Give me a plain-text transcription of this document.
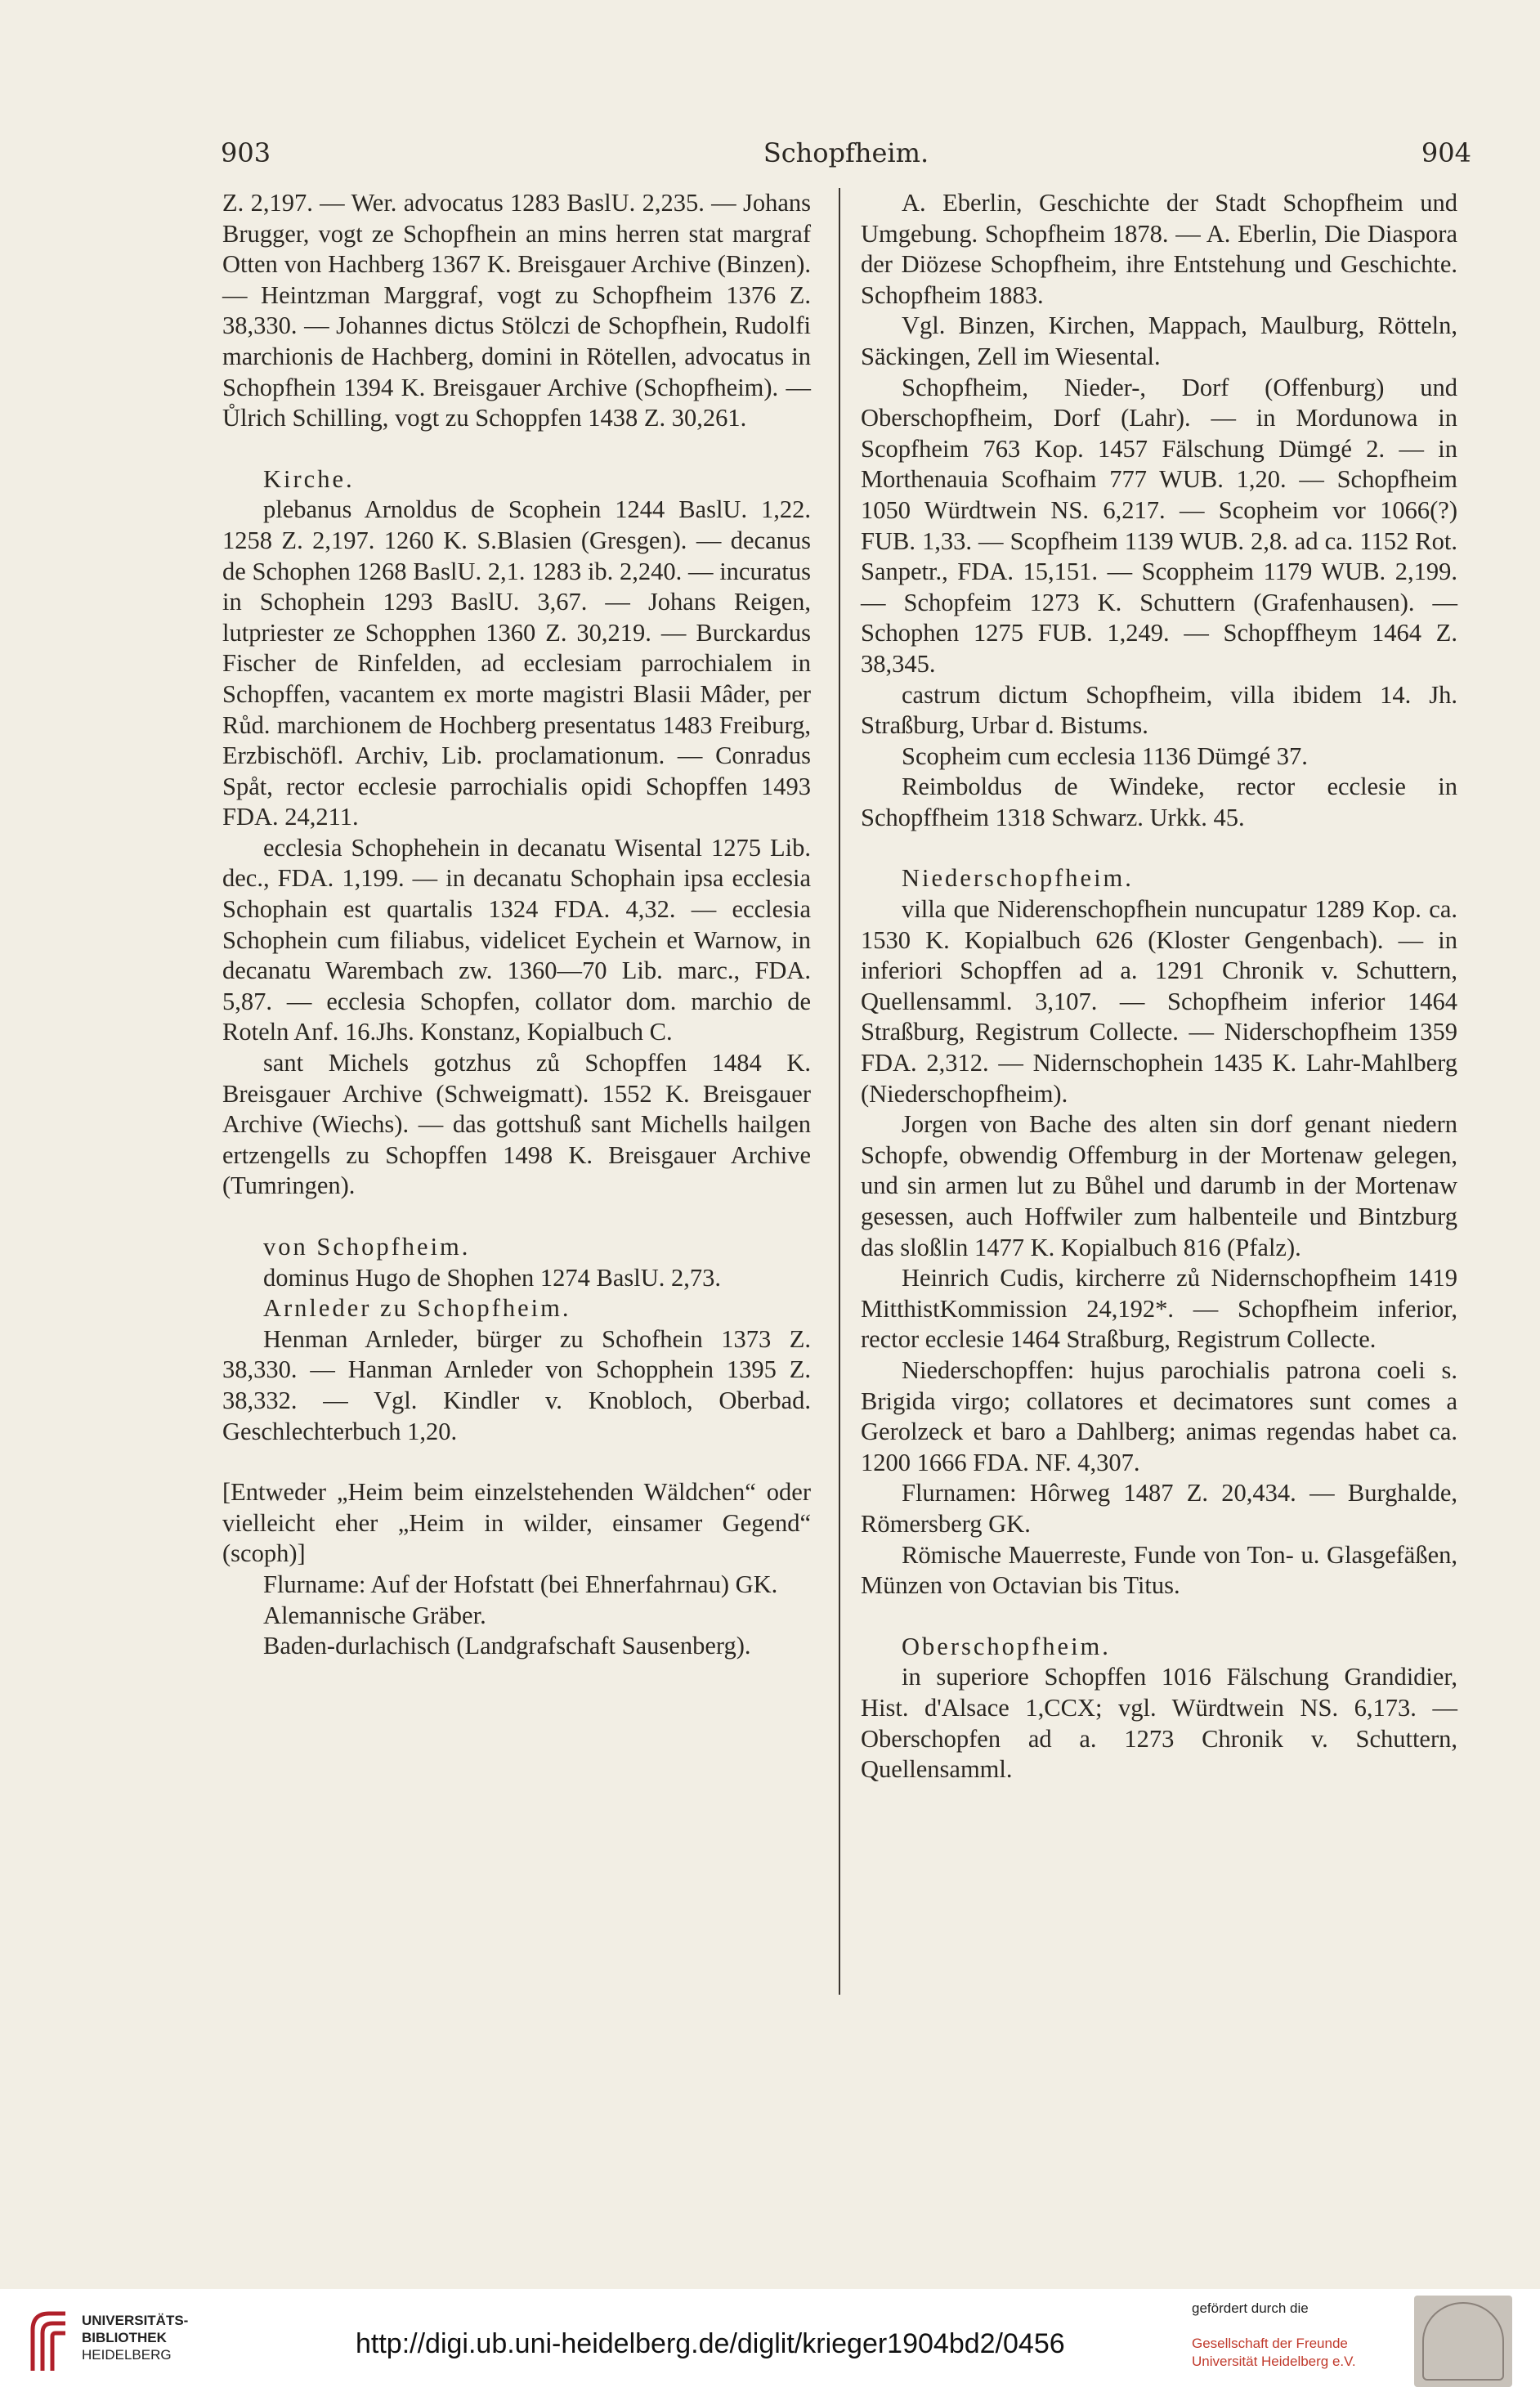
903	Schopfheim.	904

Z. 2,197. — Wer. advocatus 1283 BaslU. 2,235. — Johans Brugger, vogt ze Schopfhein an mins herren stat margraf Otten von Hachberg 1367 K. Breisgauer Archive (Binzen). — Heintzman Marggraf, vogt zu Schopfheim 1376 Z. 38,330. — Johannes dictus Stölczi de Schopfhein, Rudolfi marchionis de Hachberg, domini in Rötellen, advocatus in Schopfhein 1394 K. Breisgauer Archive (Schopfheim). — Ůlrich Schilling, vogt zu Schoppfen 1438 Z. 30,261.

Kirche.

plebanus Arnoldus de Scophein 1244 BaslU. 1,22. 1258 Z. 2,197. 1260 K. S.Blasien (Gresgen). — decanus de Schophen 1268 BaslU. 2,1. 1283 ib. 2,240. — incuratus in Schophein 1293 BaslU. 3,67. — Johans Reigen, lutpriester ze Schopphen 1360 Z. 30,219. — Burckardus Fischer de Rinfelden, ad ecclesiam parrochialem in Schopffen, vacantem ex morte magistri Blasii Mâder, per Růd. marchionem de Hochberg presentatus 1483 Freiburg, Erzbischöfl. Archiv, Lib. proclamationum. — Conradus Spåt, rector ecclesie parrochialis opidi Schopffen 1493 FDA. 24,211.

ecclesia Schophehein in decanatu Wisental 1275 Lib. dec., FDA. 1,199. — in decanatu Schophain ipsa ecclesia Schophain est quartalis 1324 FDA. 4,32. — ecclesia Schophein cum filiabus, videlicet Eychein et Warnow, in decanatu Warembach zw. 1360—70 Lib. marc., FDA. 5,87. — ecclesia Schopfen, collator dom. marchio de Roteln Anf. 16.Jhs. Konstanz, Kopialbuch C.

sant Michels gotzhus zů Schopffen 1484 K. Breisgauer Archive (Schweigmatt). 1552 K. Breisgauer Archive (Wiechs). — das gottshuß sant Michells hailgen ertzengells zu Schopffen 1498 K. Breisgauer Archive (Tumringen).

von Schopfheim.

dominus Hugo de Shophen 1274 BaslU. 2,73.

Arnleder zu Schopfheim.

Henman Arnleder, bürger zu Schofhein 1373 Z. 38,330. — Hanman Arnleder von Schopphein 1395 Z. 38,332. — Vgl. Kindler v. Knobloch, Oberbad. Geschlechterbuch 1,20.

[Entweder „Heim beim einzelstehenden Wäldchen“ oder vielleicht eher „Heim in wilder, einsamer Gegend“ (scoph)]

Flurname: Auf der Hofstatt (bei Ehnerfahrnau) GK.

Alemannische Gräber.

Baden-durlachisch (Landgrafschaft Sausenberg).

A. Eberlin, Geschichte der Stadt Schopfheim und Umgebung. Schopfheim 1878. — A. Eberlin, Die Diaspora der Diözese Schopfheim, ihre Entstehung und Geschichte. Schopfheim 1883.

Vgl. Binzen, Kirchen, Mappach, Maulburg, Rötteln, Säckingen, Zell im Wiesental.

Schopfheim, Nieder-, Dorf (Offenburg) und Oberschopfheim, Dorf (Lahr). — in Mordunowa in Scopfheim 763 Kop. 1457 Fälschung Dümgé 2. — in Morthenauia Scofhaim 777 WUB. 1,20. — Schopfheim 1050 Würdtwein NS. 6,217. — Scopheim vor 1066(?) FUB. 1,33. — Scopfheim 1139 WUB. 2,8. ad ca. 1152 Rot. Sanpetr., FDA. 15,151. — Scoppheim 1179 WUB. 2,199. — Schopfeim 1273 K. Schuttern (Grafenhausen). — Schophen 1275 FUB. 1,249. — Schopffheym 1464 Z. 38,345.

castrum dictum Schopfheim, villa ibidem 14. Jh. Straßburg, Urbar d. Bistums.

Scopheim cum ecclesia 1136 Dümgé 37.

Reimboldus de Windeke, rector ecclesie in Schopffheim 1318 Schwarz. Urkk. 45.

Niederschopfheim.

villa que Niderenschopfhein nuncupatur 1289 Kop. ca. 1530 K. Kopialbuch 626 (Kloster Gengenbach). — in inferiori Schopffen ad a. 1291 Chronik v. Schuttern, Quellensamml. 3,107. — Schopfheim inferior 1464 Straßburg, Registrum Collecte. — Niderschopfheim 1359 FDA. 2,312. — Nidernschophein 1435 K. Lahr-Mahlberg (Niederschopfheim).

Jorgen von Bache des alten sin dorf genant niedern Schopfe, obwendig Offemburg in der Mortenaw gelegen, und sin armen lut zu Bůhel und darumb in der Mortenaw gesessen, auch Hoffwiler zum halbenteile und Bintzburg das sloßlin 1477 K. Kopialbuch 816 (Pfalz).

Heinrich Cudis, kircherre zů Nidernschopfheim 1419 MitthistKommission 24,192*. — Schopfheim inferior, rector ecclesie 1464 Straßburg, Registrum Collecte.

Niederschopffen: hujus parochialis patrona coeli s. Brigida virgo; collatores et decimatores sunt comes a Gerolzeck et baro a Dahlberg; animas regendas habet ca. 1200 1666 FDA. NF. 4,307.

Flurnamen: Hôrweg 1487 Z. 20,434. — Burghalde, Römersberg GK.

Römische Mauerreste, Funde von Ton- u. Glasgefäßen, Münzen von Octavian bis Titus.

Oberschopfheim.

in superiore Schopffen 1016 Fälschung Grandidier, Hist. d'Alsace 1,CCX; vgl. Würdtwein NS. 6,173. — Oberschopfen ad a. 1273 Chronik v. Schuttern, Quellensamml.

UNIVERSITÄTS-
BIBLIOTHEK
HEIDELBERG	http://digi.ub.uni-heidelberg.de/diglit/krieger1904bd2/0456
gefördert durch die
Gesellschaft der Freunde
Universität Heidelberg e.V.
